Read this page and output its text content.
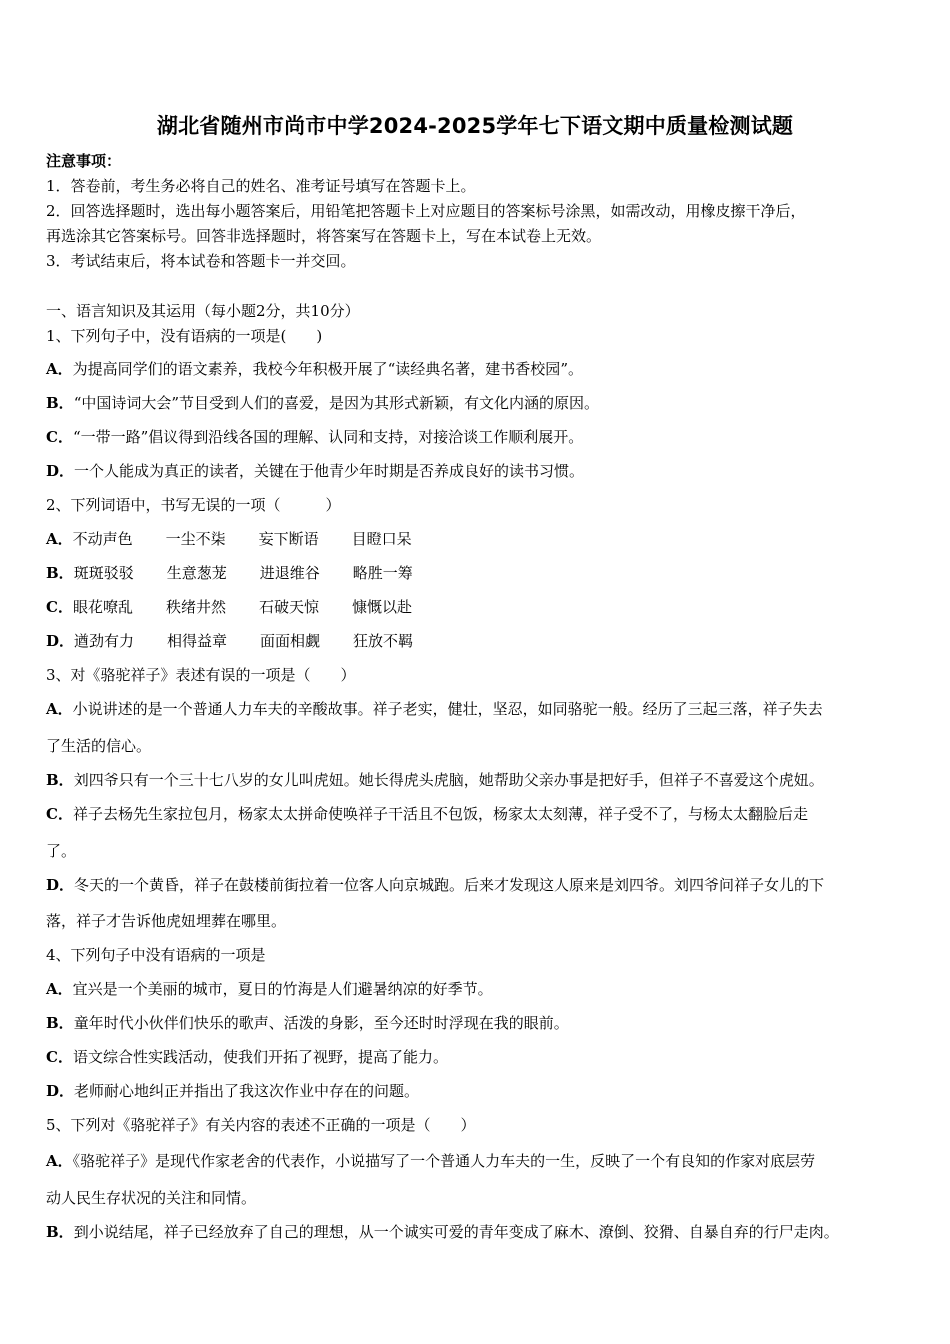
湖北省随州市尚市中学2024-2025学年七下语文期中质量检测试题
注意事项：
1．答卷前，考生务必将自己的姓名、准考证号填写在答题卡上。
2．回答选择题时，选出每小题答案后，用铅笔把答题卡上对应题目的答案标号涂黑，如需改动，用橡皮擦干净后，
再选涂其它答案标号。回答非选择题时，将答案写在答题卡上，写在本试卷上无效。
3．考试结束后，将本试卷和答题卡一并交回。
一、语言知识及其运用（每小题2分，共10分）
1、下列句子中，没有语病的一项是(　　)
A．为提高同学们的语文素养，我校今年积极开展了“读经典名著，建书香校园”。
B．“中国诗词大会”节目受到人们的喜爱，是因为其形式新颖，有文化内涵的原因。
C．“一带一路”倡议得到沿线各国的理解、认同和支持，对接洽谈工作顺利展开。
D．一个人能成为真正的读者，关键在于他青少年时期是否养成良好的读书习惯。
2、下列词语中，书写无误的一项（　　　）
A．不动声色 一尘不柒 妄下断语 目瞪口呆
B．斑斑驳驳 生意葱茏 进退维谷 略胜一筹
C．眼花嘹乱 秩绪井然 石破天惊 慷慨以赴
D．遒劲有力 相得益章 面面相觑 狂放不羁
3、对《骆驼祥子》表述有误的一项是（　　）
A．小说讲述的是一个普通人力车夫的辛酸故事。祥子老实，健壮，坚忍，如同骆驼一般。经历了三起三落，祥子失去
了生活的信心。
B．刘四爷只有一个三十七八岁的女儿叫虎妞。她长得虎头虎脑，她帮助父亲办事是把好手，但祥子不喜爱这个虎妞。
C．祥子去杨先生家拉包月，杨家太太拼命使唤祥子干活且不包饭，杨家太太刻薄，祥子受不了，与杨太太翻脸后走
了。
D．冬天的一个黄昏，祥子在鼓楼前街拉着一位客人向京城跑。后来才发现这人原来是刘四爷。刘四爷问祥子女儿的下
落，祥子才告诉他虎妞埋葬在哪里。
4、下列句子中没有语病的一项是
A．宜兴是一个美丽的城市，夏日的竹海是人们避暑纳凉的好季节。
B．童年时代小伙伴们快乐的歌声、活泼的身影，至今还时时浮现在我的眼前。
C．语文综合性实践活动，使我们开拓了视野，提高了能力。
D．老师耐心地纠正并指出了我这次作业中存在的问题。
5、下列对《骆驼祥子》有关内容的表述不正确的一项是（　　）
A．《骆驼祥子》是现代作家老舍的代表作，小说描写了一个普通人力车夫的一生，反映了一个有良知的作家对底层劳
动人民生存状况的关注和同情。
B．到小说结尾，祥子已经放弃了自己的理想，从一个诚实可爱的青年变成了麻木、潦倒、狡猾、自暴自弃的行尸走肉。
